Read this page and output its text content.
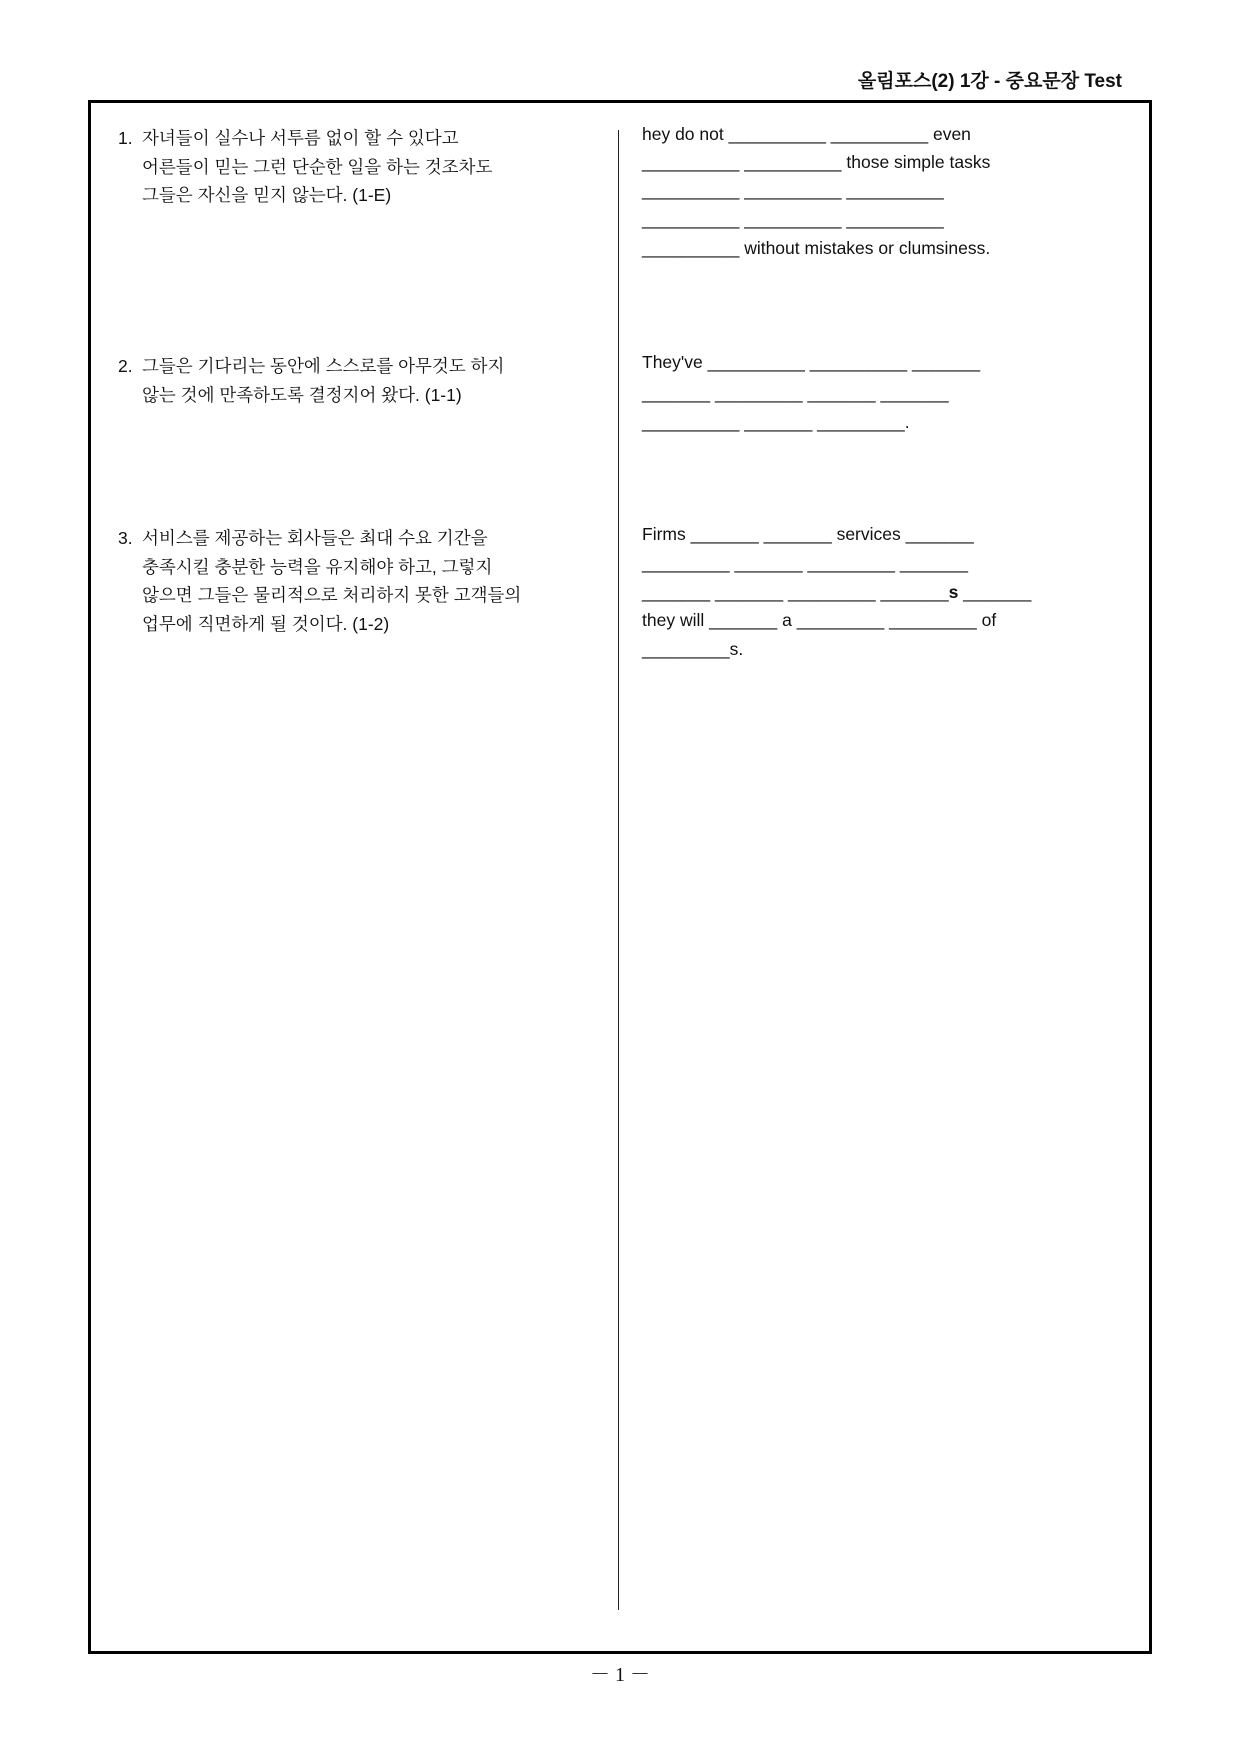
올림포스(2) 1강 - 중요문장 Test
1. 자녀들이 실수나 서투름 없이 할 수 있다고
어른들이 믿는 그런 단순한 일을 하는 것조차도
그들은 자신을 믿지 않는다. (1-E)
hey do not __________ __________ even
__________ __________ those simple tasks
__________ __________ __________
__________ __________ __________
__________ without mistakes or clumsiness.
2. 그들은 기다리는 동안에 스스로를 아무것도 하지
않는 것에 만족하도록 결정지어 왔다. (1-1)
They've __________ __________ _______
_______ _________ _______ _______
__________ _______ _________.
3. 서비스를 제공하는 회사들은 최대 수요 기간을
충족시킬 충분한 능력을 유지해야 하고, 그렇지
않으면 그들은 물리적으로 처리하지 못한 고객들의
업무에 직면하게 될 것이다. (1-2)
Firms _______ _______ services _______
_________ _______ _________ _______
_______ _______ _________ _______s _______
they will _______ a _________ _________ of
_________s.
－ 1 －
